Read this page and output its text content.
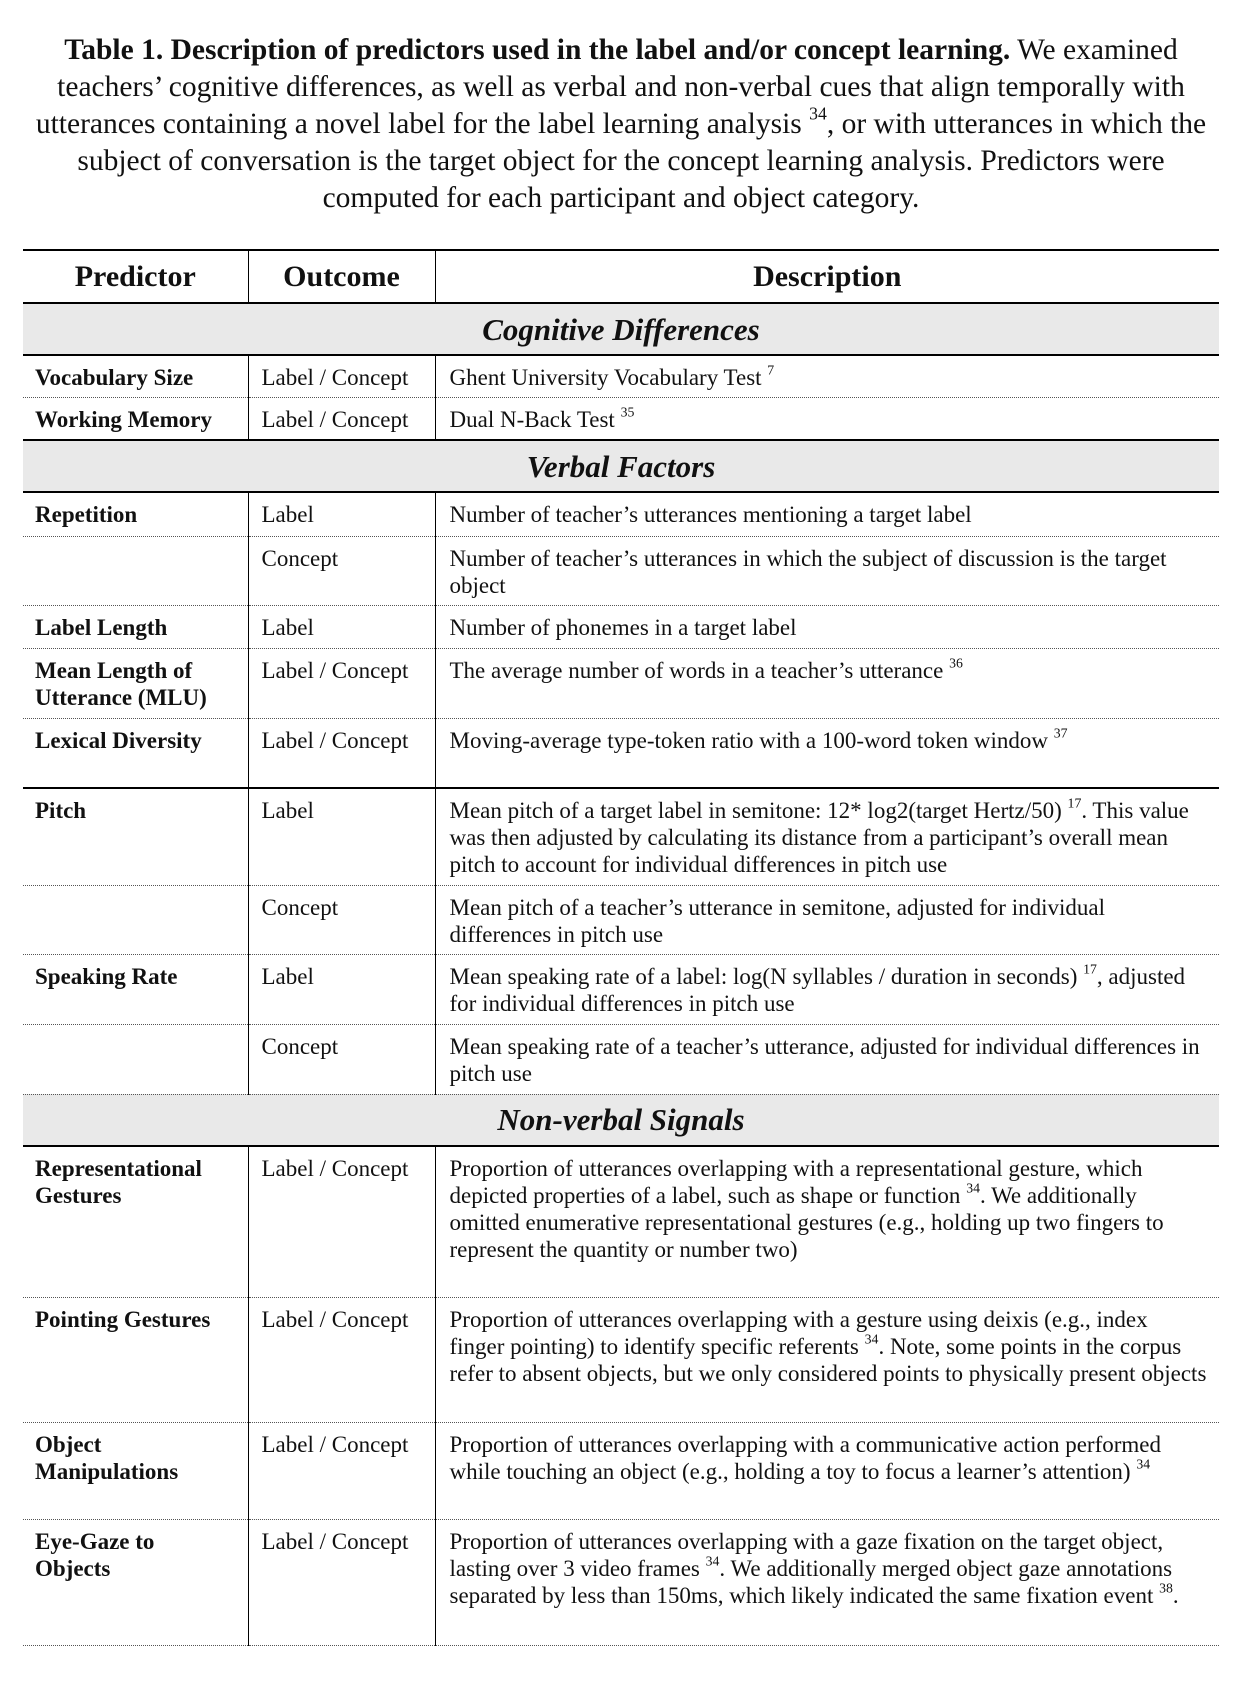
Table 1. Description of predictors used in the label and/or concept learning. We examined teachers’ cognitive differences, as well as verbal and non-verbal cues that align temporally with utterances containing a novel label for the label learning analysis $^{34}$, or with utterances in which the subject of conversation is the target object for the concept learning analysis. Predictors were computed for each participant and object category.
Predictor	Outcome	Description
Cognitive Differences		
Vocabulary Size	Label / Concept	Ghent University Vocabulary Test $^7$
Working Memory	Label / Concept	Dual N-Back Test $^{35}$
Verbal Factors		
Repetition	Label	Number of teacher’s utterances mentioning a target label
	Concept	Number of teacher’s utterances in which the subject of discussion is the target object
Label Length	Label	Number of phonemes in a target label
Mean Length of Utterance (MLU)	Label / Concept	The average number of words in a teacher’s utterance $^{36}$
Lexical Diversity	Label / Concept	Moving-average type-token ratio with a 100-word token window $^{37}$
Pitch	Label	Mean pitch of a target label in semitone: 12* log2(target Hertz/50) $^{17}$. This value was then adjusted by calculating its distance from a participant’s overall mean pitch to account for individual differences in pitch use
	Concept	Mean pitch of a teacher’s utterance in semitone, adjusted for individual differences in pitch use
Speaking Rate	Label	Mean speaking rate of a label: log(N syllables / duration in seconds) $^{17}$, adjusted for individual differences in pitch use
	Concept	Mean speaking rate of a teacher’s utterance, adjusted for individual differences in pitch use
Non-verbal Signals		
Representational Gestures	Label / Concept	Proportion of utterances overlapping with a representational gesture, which depicted properties of a label, such as shape or function $^{34}$. We additionally omitted enumerative representational gestures (e.g., holding up two fingers to represent the quantity or number two)
Pointing Gestures	Label / Concept	Proportion of utterances overlapping with a gesture using deixis (e.g., index finger pointing) to identify specific referents $^{34}$. Note, some points in the corpus refer to absent objects, but we only considered points to physically present objects
Object Manipulations	Label / Concept	Proportion of utterances overlapping with a communicative action performed while touching an object (e.g., holding a toy to focus a learner’s attention) $^{34}$
Eye-Gaze to Objects	Label / Concept	Proportion of utterances overlapping with a gaze fixation on the target object, lasting over 3 video frames $^{34}$. We additionally merged object gaze annotations separated by less than 150ms, which likely indicated the same fixation event $^{38}$.
